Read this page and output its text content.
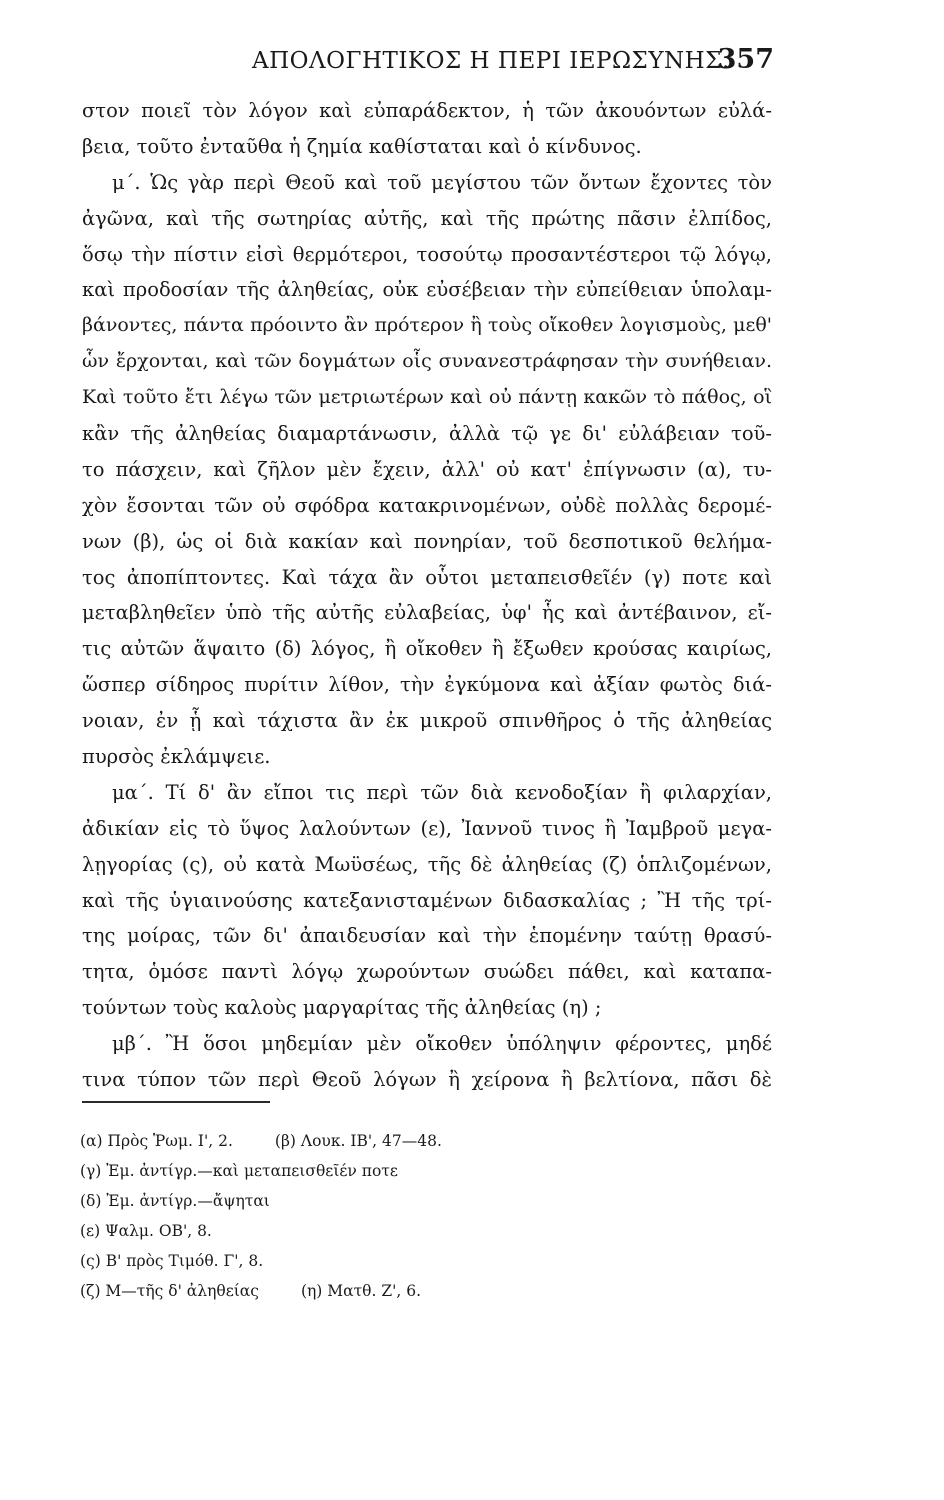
ΑΠΟΛΟΓΗΤΙΚΟΣ Η ΠΕΡΙ ΙΕΡΩΣΥΝΗΣ.
357
στον ποιεῖ τὸν λόγον καὶ εὐπαράδεκτον, ἡ τῶν ἀκουόντων εὐλά-
βεια, τοῦτο ἐνταῦθα ἡ ζημία καθίσταται καὶ ὁ κίνδυνος.
μ΄. Ὡς γὰρ περὶ Θεοῦ καὶ τοῦ μεγίστου τῶν ὄντων ἔχοντες τὸν
ἀγῶνα, καὶ τῆς σωτηρίας αὐτῆς, καὶ τῆς πρώτης πᾶσιν ἐλπίδος,
ὅσῳ τὴν πίστιν εἰσὶ θερμότεροι, τοσούτῳ προσαντέστεροι τῷ λόγῳ,
καὶ προδοσίαν τῆς ἀληθείας, οὐκ εὐσέβειαν τὴν εὐπείθειαν ὑπολαμ-
βάνοντες, πάντα πρόοιντο ἂν πρότερον ἢ τοὺς οἴκοθεν λογισμοὺς, μεθ'
ὧν ἔρχονται, καὶ τῶν δογμάτων οἷς συνανεστράφησαν τὴν συνήθειαν.
Καὶ τοῦτο ἔτι λέγω τῶν μετριωτέρων καὶ οὐ πάντῃ κακῶν τὸ πάθος, οἳ
κἂν τῆς ἀληθείας διαμαρτάνωσιν, ἀλλὰ τῷ γε δι' εὐλάβειαν τοῦ-
το πάσχειν, καὶ ζῆλον μὲν ἔχειν, ἀλλ' οὐ κατ' ἐπίγνωσιν (α), τυ-
χὸν ἔσονται τῶν οὐ σφόδρα κατακρινομένων, οὐδὲ πολλὰς δερομέ-
νων (β), ὡς οἱ διὰ κακίαν καὶ πονηρίαν, τοῦ δεσποτικοῦ θελήμα-
τος ἀποπίπτοντες. Καὶ τάχα ἂν οὗτοι μεταπεισθεῖέν (γ) ποτε καὶ
μεταβληθεῖεν ὑπὸ τῆς αὐτῆς εὐλαβείας, ὑφ' ἧς καὶ ἀντέβαινον, εἴ-
τις αὐτῶν ἅψαιτο (δ) λόγος, ἢ οἴκοθεν ἢ ἔξωθεν κρούσας καιρίως,
ὥσπερ σίδηρος πυρίτιν λίθον, τὴν ἐγκύμονα καὶ ἀξίαν φωτὸς διά-
νοιαν, ἐν ᾗ καὶ τάχιστα ἂν ἐκ μικροῦ σπινθῆρος ὁ τῆς ἀληθείας
πυρσὸς ἐκλάμψειε.
μα΄. Τί δ' ἂν εἴποι τις περὶ τῶν διὰ κενοδοξίαν ἢ φιλαρχίαν,
ἀδικίαν εἰς τὸ ὕψος λαλούντων (ε), Ἰαννοῦ τινος ἢ Ἰαμβροῦ μεγα-
λῃγορίας (ς), οὐ κατὰ Μωϋσέως, τῆς δὲ ἀληθείας (ζ) ὁπλιζομένων,
καὶ τῆς ὑγιαινούσης κατεξανισταμένων διδασκαλίας ; Ἢ τῆς τρί-
της μοίρας, τῶν δι' ἀπαιδευσίαν καὶ τὴν ἑπομένην ταύτῃ θρασύ-
τητα, ὁμόσε παντὶ λόγῳ χωρούντων συώδει πάθει, καὶ καταπα-
τούντων τοὺς καλοὺς μαργαρίτας τῆς ἀληθείας (η) ;
μβ΄. Ἢ ὅσοι μηδεμίαν μὲν οἴκοθεν ὑπόληψιν φέροντες, μηδέ
τινα τύπον τῶν περὶ Θεοῦ λόγων ἢ χείρονα ἢ βελτίονα, πᾶσι δὲ
(α) Πρὸς Ῥωμ. Ι', 2.	(β) Λουκ. ΙΒ', 47—48.
(γ) Ἐμ. ἀντίγρ.—καὶ μεταπεισθεῖέν ποτε
(δ) Ἐμ. ἀντίγρ.—ἄψηται
(ε) Ψαλμ. ΟΒ', 8.
(ς) Β' πρὸς Τιμόθ. Γ', 8.
(ζ) Μ—τῆς δ' ἀληθείας	(η) Ματθ. Ζ', 6.
